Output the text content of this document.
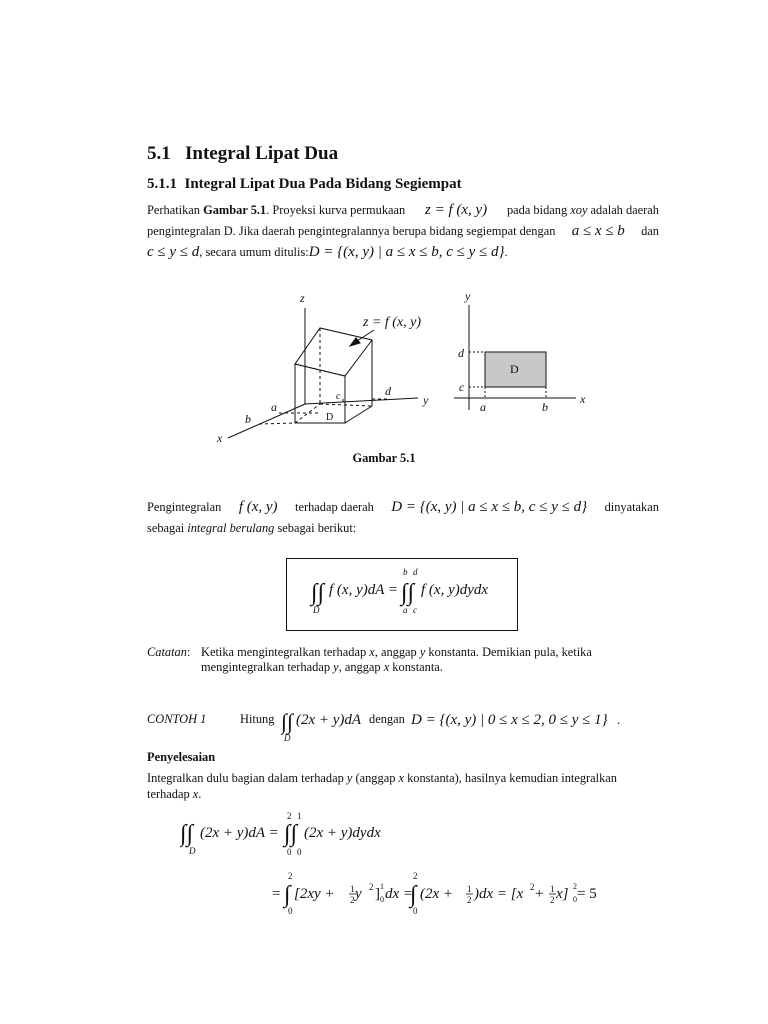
5.1 Integral Lipat Dua
5.1.1 Integral Lipat Dua Pada Bidang Segiempat
Perhatikan Gambar 5.1. Proyeksi kurva permukaan z = f (x, y) pada bidang xoy adalah daerah
pengintegralan D. Jika daerah pengintegralannya berupa bidang segiempat dengan a ≤ x ≤ b dan
c ≤ y ≤ d , secara umum ditulis: D = {(x, y) | a ≤ x ≤ b, c ≤ y ≤ d} .
z
y
x
z = f (x, y)
a
b
c	d
D
y
x
d
c
a	b
D
Gambar 5.1
Pengintegralan f (x, y) terhadap daerah D = {(x, y) | a ≤ x ≤ b, c ≤ y ≤ d} dinyatakan
sebagai integral berulang sebagai berikut:
∫∫
D
f (x, y)dA = ∫∫
b d
a c
f (x, y)dydx
Catatan: Ketika mengintegralkan terhadap x, anggap y konstanta. Demikian pula, ketika
mengintegralkan terhadap y, anggap x konstanta.
CONTOH 1	Hitung ∫∫
D
(2x + y)dA dengan D = {(x, y) | 0 ≤ x ≤ 2, 0 ≤ y ≤ 1} .
Penyelesaian
Integralkan dulu bagian dalam terhadap y (anggap x konstanta), hasilnya kemudian integralkan
terhadap x.
∫∫
D
(2x + y)dA = ∫∫
2 1
0 0
(2x + y)dydx
= ∫
2
0
[2xy + 1
2 y 2 ] 1
0 dx =
∫
2
0
(2x + 1
2 )dx = [x 2 + 1
2 x] 2
0 = 5
